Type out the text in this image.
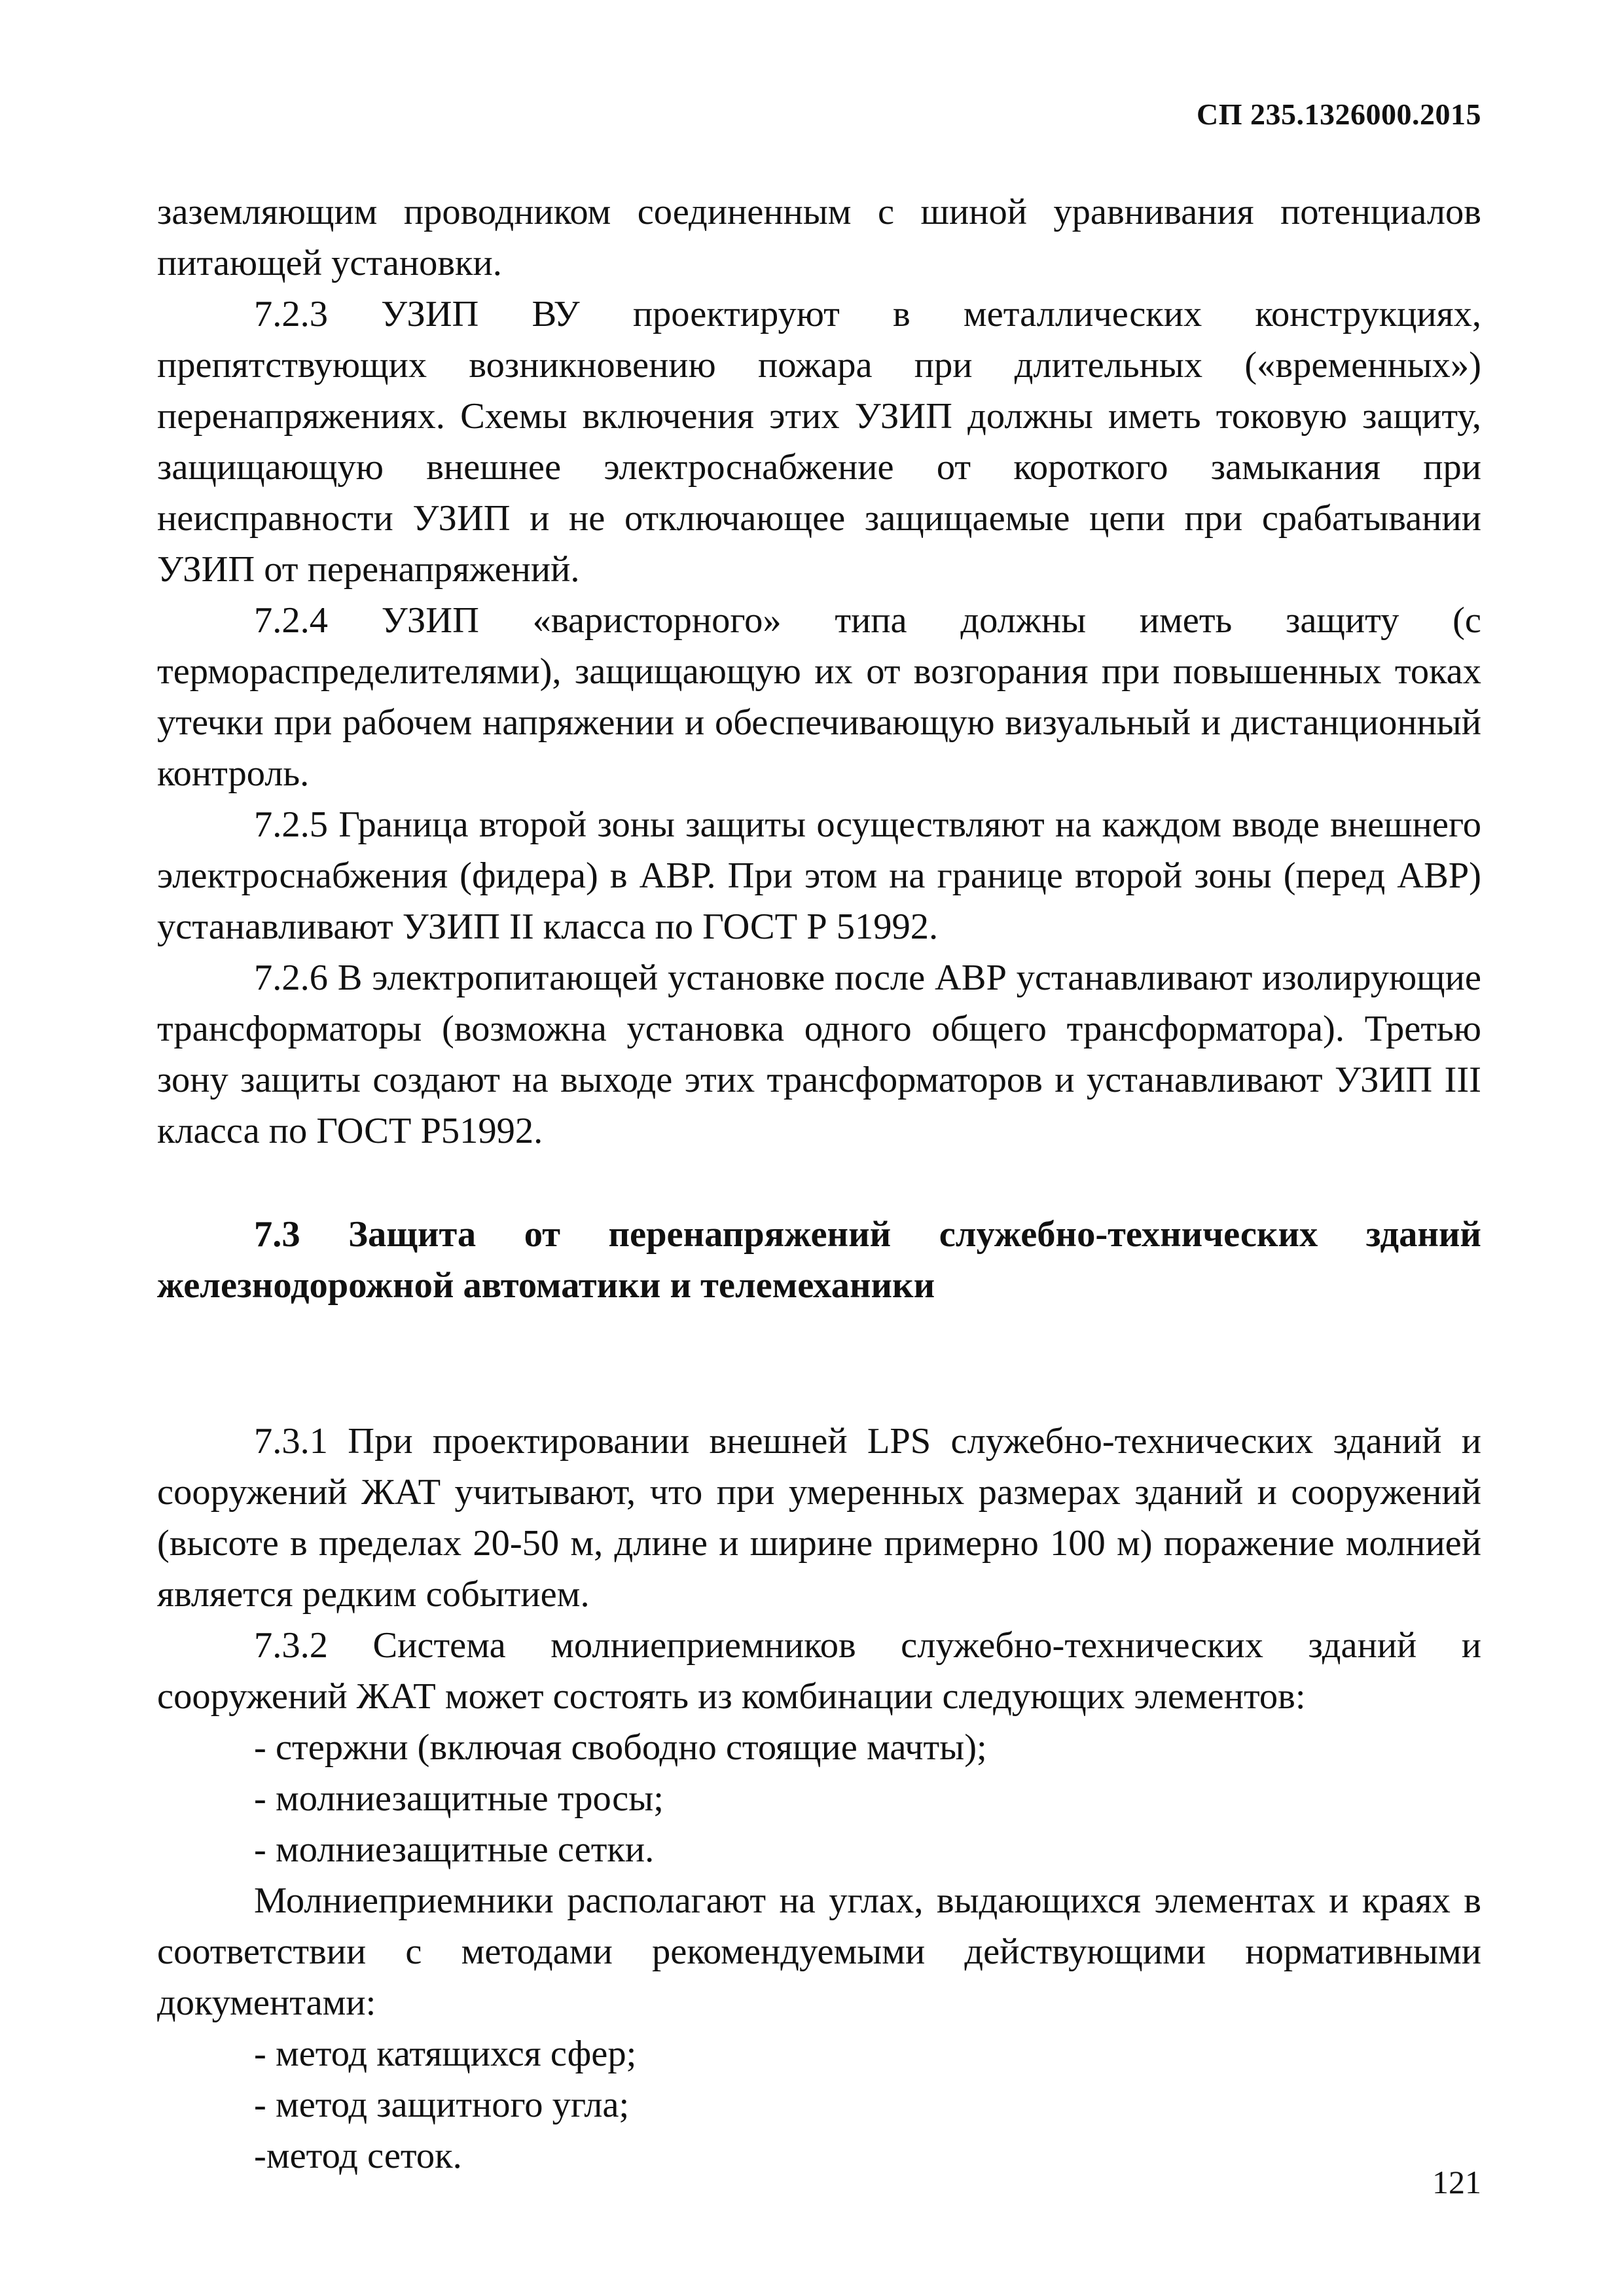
СП 235.1326000.2015

заземляющим проводником соединенным с шиной уравнивания потенциалов питающей установки.

7.2.3 УЗИП ВУ проектируют в металлических конструкциях, препятствующих возникновению пожара при длительных («временных») перенапряжениях. Схемы включения этих УЗИП должны иметь токовую защиту, защищающую внешнее электроснабжение от короткого замыкания при неисправности УЗИП и не отключающее защищаемые цепи при срабатывании УЗИП от перенапряжений.

7.2.4 УЗИП «варисторного» типа должны иметь защиту (с терморaспределителями), защищающую их от возгорания при повышенных токах утечки при рабочем напряжении и обеспечивающую визуальный и дистанционный контроль.

7.2.5 Граница второй зоны защиты осуществляют на каждом вводе внешнего электроснабжения (фидера) в АВР. При этом на границе второй зоны (перед АВР) устанавливают УЗИП II класса по ГОСТ Р 51992.

7.2.6 В электропитающей установке после АВР устанавливают изолирующие трансформаторы (возможна установка одного общего трансформатора). Третью зону защиты создают на выходе этих трансформаторов и устанавливают УЗИП III класса по ГОСТ Р51992.

7.3 Защита от перенапряжений служебно-технических зданий железнодорожной автоматики и телемеханики

7.3.1 При проектировании внешней LPS служебно-технических зданий и сооружений ЖАТ учитывают, что при умеренных размерах зданий и сооружений (высоте в пределах 20-50 м, длине и ширине примерно 100 м) поражение молнией является редким событием.

7.3.2 Система молниеприемников служебно-технических зданий и сооружений ЖАТ может состоять из комбинации следующих элементов:

- стержни (включая свободно стоящие мачты);

- молниезащитные тросы;

- молниезащитные сетки.

Молниеприемники располагают на углах, выдающихся элементах и краях в соответствии с методами рекомендуемыми действующими нормативными документами:

- метод катящихся сфер;

- метод защитного угла;

-метод сеток.

121
